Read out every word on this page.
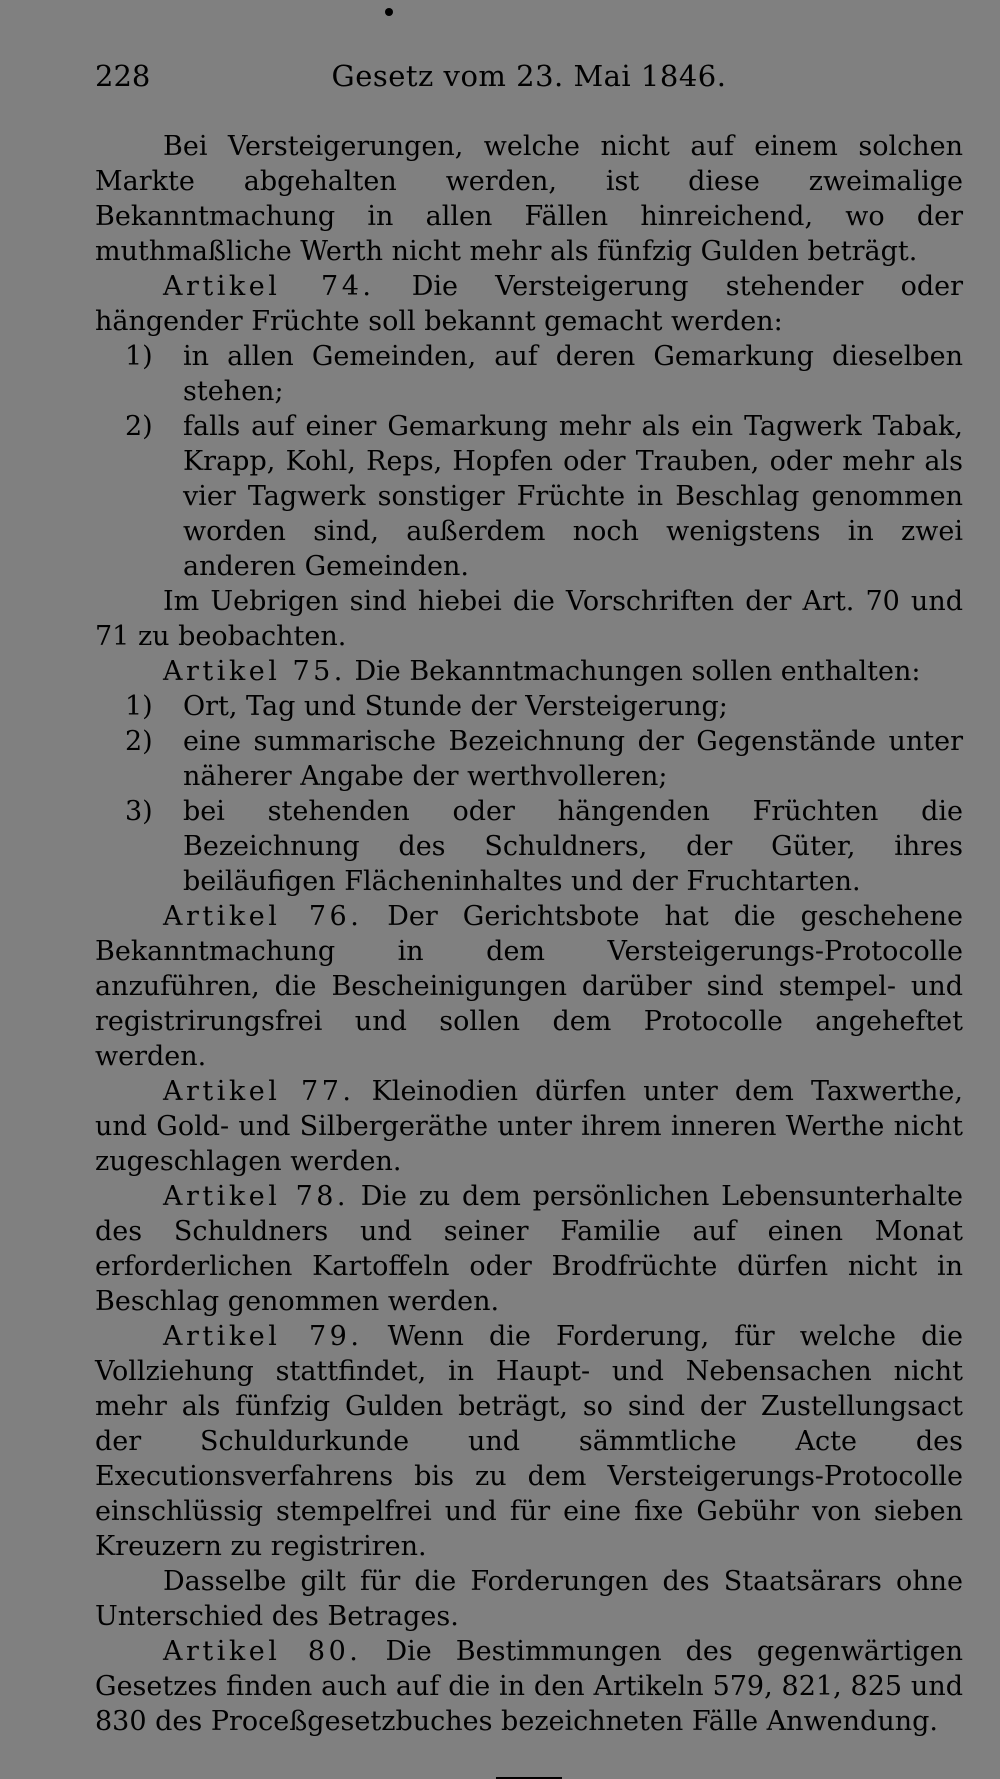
228	Gesetz vom 23. Mai 1846.

Bei Versteigerungen, welche nicht auf einem solchen Markte abgehalten werden, ist diese zweimalige Bekanntmachung in allen Fällen hinreichend, wo der muthmaßliche Werth nicht mehr als fünfzig Gulden beträgt.

Artikel 74. Die Versteigerung stehender oder hängender Früchte soll bekannt gemacht werden:

1) in allen Gemeinden, auf deren Gemarkung dieselben stehen;

2) falls auf einer Gemarkung mehr als ein Tagwerk Tabak, Krapp, Kohl, Reps, Hopfen oder Trauben, oder mehr als vier Tagwerk sonstiger Früchte in Beschlag genommen worden sind, außerdem noch wenigstens in zwei anderen Gemeinden.

Im Uebrigen sind hiebei die Vorschriften der Art. 70 und 71 zu beobachten.

Artikel 75. Die Bekanntmachungen sollen enthalten:

1) Ort, Tag und Stunde der Versteigerung;

2) eine summarische Bezeichnung der Gegenstände unter näherer Angabe der werthvolleren;

3) bei stehenden oder hängenden Früchten die Bezeichnung des Schuldners, der Güter, ihres beiläufigen Flächeninhaltes und der Fruchtarten.

Artikel 76. Der Gerichtsbote hat die geschehene Bekanntmachung in dem Versteigerungs-Protocolle anzuführen, die Bescheinigungen darüber sind stempel- und registrirungsfrei und sollen dem Protocolle angeheftet werden.

Artikel 77. Kleinodien dürfen unter dem Taxwerthe, und Gold- und Silbergeräthe unter ihrem inneren Werthe nicht zugeschlagen werden.

Artikel 78. Die zu dem persönlichen Lebensunterhalte des Schuldners und seiner Familie auf einen Monat erforderlichen Kartoffeln oder Brodfrüchte dürfen nicht in Beschlag genommen werden.

Artikel 79. Wenn die Forderung, für welche die Vollziehung stattfindet, in Haupt- und Nebensachen nicht mehr als fünfzig Gulden beträgt, so sind der Zustellungsact der Schuldurkunde und sämmtliche Acte des Executionsverfahrens bis zu dem Versteigerungs-Protocolle einschlüssig stempelfrei und für eine fixe Gebühr von sieben Kreuzern zu registriren.

Dasselbe gilt für die Forderungen des Staatsärars ohne Unterschied des Betrages.

Artikel 80. Die Bestimmungen des gegenwärtigen Gesetzes finden auch auf die in den Artikeln 579, 821, 825 und 830 des Proceßgesetzbuches bezeichneten Fälle Anwendung.
